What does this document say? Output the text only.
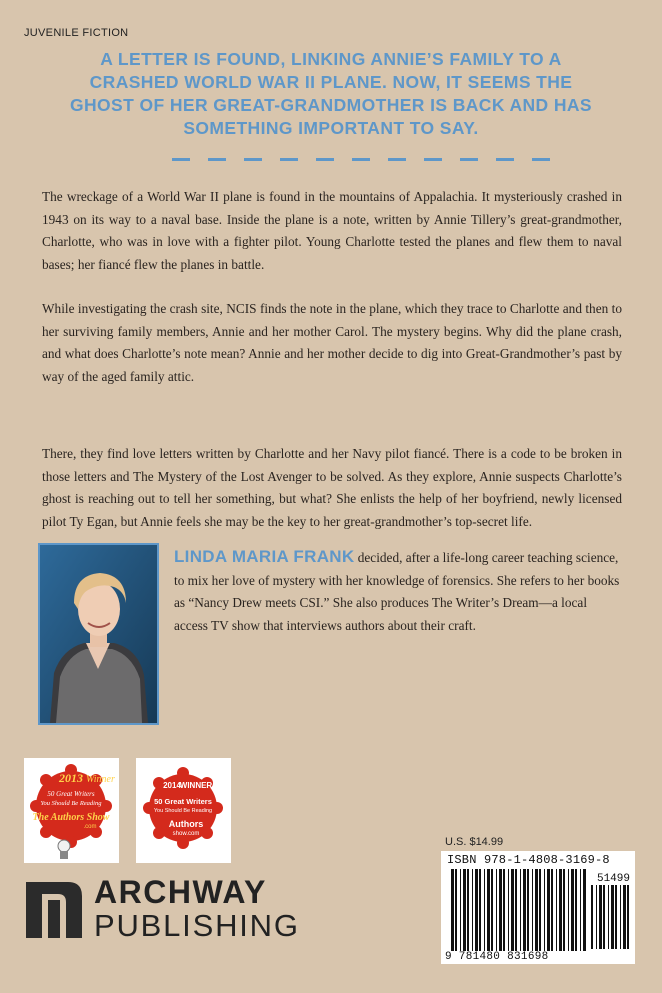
JUVENILE FICTION
A LETTER IS FOUND, LINKING ANNIE’S FAMILY TO A CRASHED WORLD WAR II PLANE. NOW, IT SEEMS THE GHOST OF HER GREAT-GRANDMOTHER IS BACK AND HAS SOMETHING IMPORTANT TO SAY.

The wreckage of a World War II plane is found in the mountains of Appalachia. It mysteriously crashed in 1943 on its way to a naval base. Inside the plane is a note, written by Annie Tillery’s great-grandmother, Charlotte, who was in love with a fighter pilot. Young Charlotte tested the planes and flew them to naval bases; her fiancé flew the planes in battle.

While investigating the crash site, NCIS finds the note in the plane, which they trace to Charlotte and then to her surviving family members, Annie and her mother Carol. The mystery begins. Why did the plane crash, and what does Charlotte’s note mean? Annie and her mother decide to dig into Great-Grandmother’s past by way of the aged family attic.

There, they find love letters written by Charlotte and her Navy pilot fiancé. There is a code to be broken in those letters and The Mystery of the Lost Avenger to be solved. As they explore, Annie suspects Charlotte’s ghost is reaching out to tell her something, but what? She enlists the help of her boyfriend, newly licensed pilot Ty Egan, but Annie feels she may be the key to her great-grandmother’s top-secret life.

LINDA MARIA FRANK decided, after a life-long career teaching science, to mix her love of mystery with her knowledge of forensics. She refers to her books as “Nancy Drew meets CSI.” She also produces The Writer’s Dream—a local access TV show that interviews authors about their craft.
2013 Winner
50 Great Writers
You Should Be Reading
The Authors Show
.com
2014
WINNER
50 Great Writers
You Should Be Reading
Authors
show.com
ARCHWAY
PUBLISHING
U.S. $14.99
ISBN 978-1-4808-3169-8
51499
9 781480 831698
